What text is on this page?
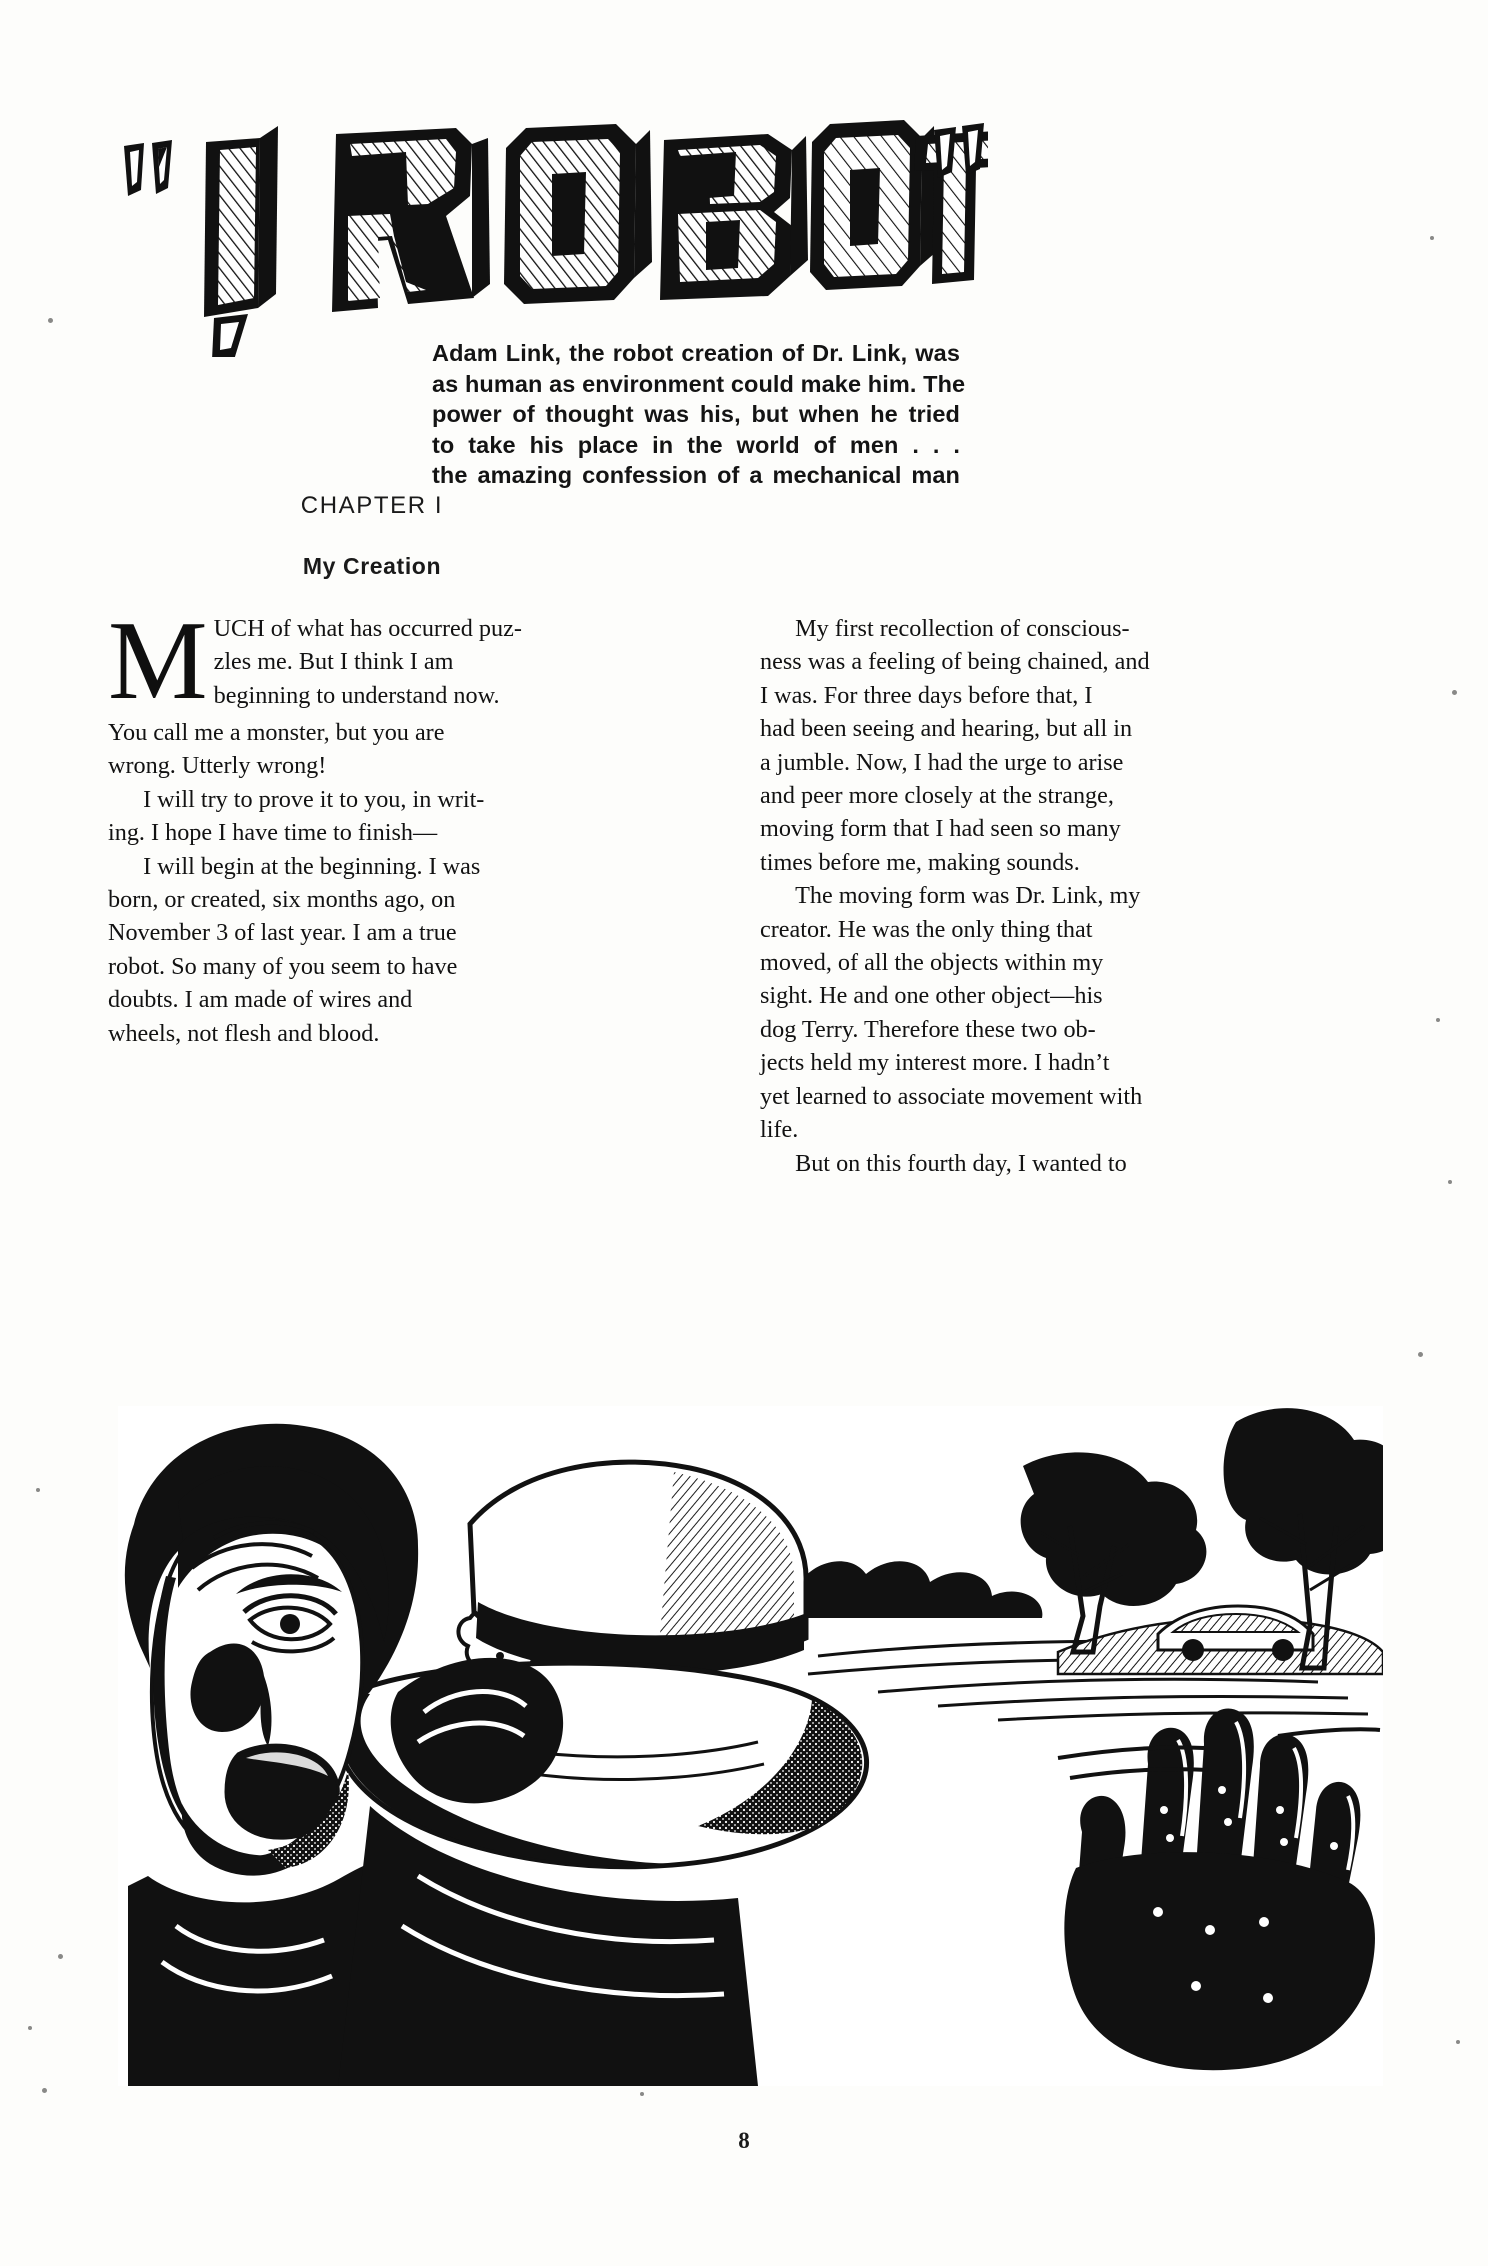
Adam Link, the robot creation of Dr. Link, was
as human as environment could make him. The
power of thought was his, but when he tried
to take his place in the world of men . . .
the amazing confession of a mechanical man
CHAPTER I
My Creation
M UCH of what has occurred puz-
zles me. But I think I am
beginning to understand now.

You call me a monster, but you are
wrong. Utterly wrong!

I will try to prove it to you, in writ-
ing. I hope I have time to finish—

I will begin at the beginning. I was
born, or created, six months ago, on
November 3 of last year. I am a true
robot. So many of you seem to have
doubts. I am made of wires and
wheels, not flesh and blood.

My first recollection of conscious-
ness was a feeling of being chained, and
I was. For three days before that, I
had been seeing and hearing, but all in
a jumble. Now, I had the urge to arise
and peer more closely at the strange,
moving form that I had seen so many
times before me, making sounds.

The moving form was Dr. Link, my
creator. He was the only thing that
moved, of all the objects within my
sight. He and one other object—his
dog Terry. Therefore these two ob-
jects held my interest more. I hadn’t
yet learned to associate movement with
life.

But on this fourth day, I wanted to

8
